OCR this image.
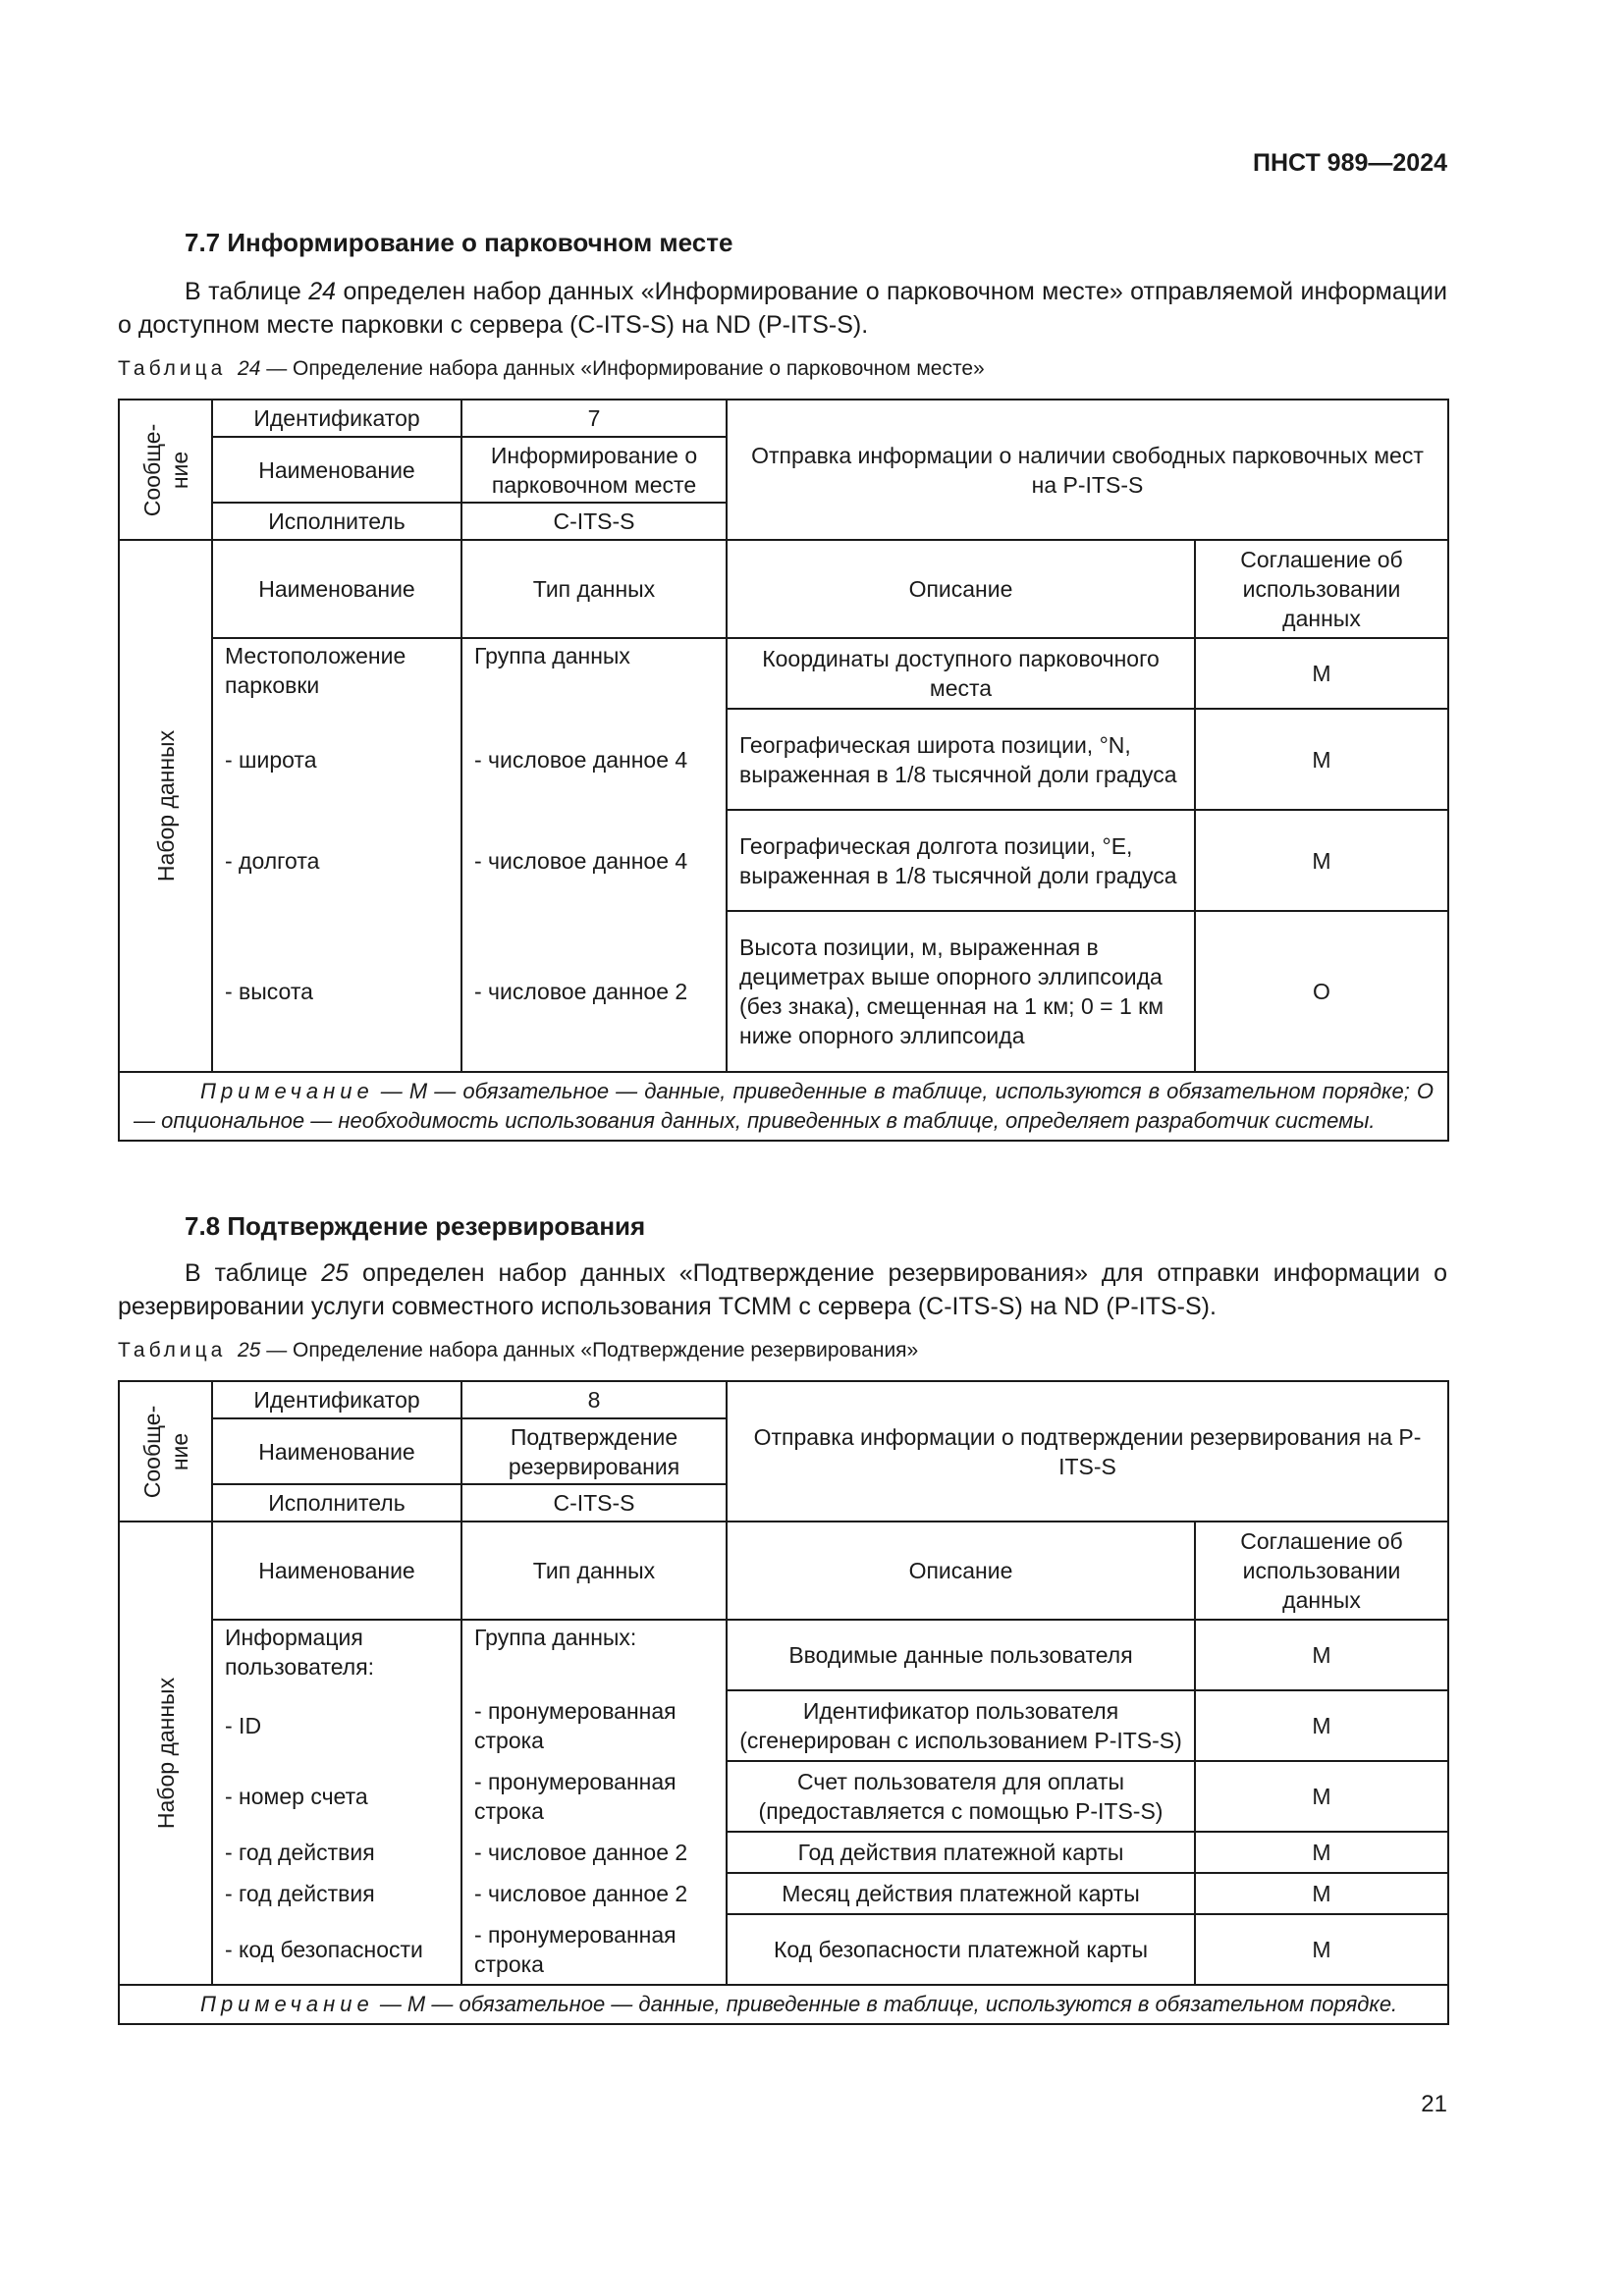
ПНСТ 989—2024
7.7 Информирование о парковочном месте

В таблице 24 определен набор данных «Информирование о парковочном месте» отправляемой информации о доступном месте парковки с сервера (C-ITS-S) на ND (P-ITS-S).

Таблица 24 — Определение набора данных «Информирование о парковочном месте»
Сообще-
ние	Идентификатор	7	Отправка информации о наличии свободных парковочных мест на P-ITS-S	
	Наименование	Информирование о парковочном месте		
	Исполнитель	C-ITS-S		

Набор данных	Наименование	Тип данных	Описание	Соглашение об использовании данных
	Местоположение парковки	Группа данных	Координаты доступного парковочного места	M
	- широта	- числовое данное 4	Географическая широта позиции, °N, выраженная в 1/8 тысячной доли градуса	M
	- долгота	- числовое данное 4	Географическая долгота позиции, °E, выраженная в 1/8 тысячной доли градуса	M
	- высота	- числовое данное 2	Высота позиции, м, выраженная в дециметрах выше опорного эллипсоида (без знака), смещенная на 1 км; 0 = 1 км ниже опорного эллипсоида	O
Примечание — M — обязательное — данные, приведенные в таблице, используются в обязательном порядке; O — опциональное — необходимость использования данных, приведенных в таблице, определяет разработчик системы.				
7.8 Подтверждение резервирования

В таблице 25 определен набор данных «Подтверждение резервирования» для отправки информации о резервировании услуги совместного использования ТСММ с сервера (C-ITS-S) на ND (P-ITS-S).

Таблица 25 — Определение набора данных «Подтверждение резервирования»
Сообще-
ние	Идентификатор	8	Отправка информации о подтверждении резервирования на P-ITS-S	
	Наименование	Подтверждение резервирования		
	Исполнитель	C-ITS-S		

Набор данных	Наименование	Тип данных	Описание	Соглашение об использовании данных
	Информация пользователя:	Группа данных:	Вводимые данные пользователя	M
	- ID	- пронумерованная строка	Идентификатор пользователя (сгенерирован с использованием P-ITS-S)	M
	- номер счета	- пронумерованная строка	Счет пользователя для оплаты (предоставляется с помощью P-ITS-S)	M
	- год действия	- числовое данное 2	Год действия платежной карты	M
	- год действия	- числовое данное 2	Месяц действия платежной карты	M
	- код безопасности	- пронумерованная строка	Код безопасности платежной карты	M
Примечание — M — обязательное — данные, приведенные в таблице, используются в обязательном порядке.				
21
